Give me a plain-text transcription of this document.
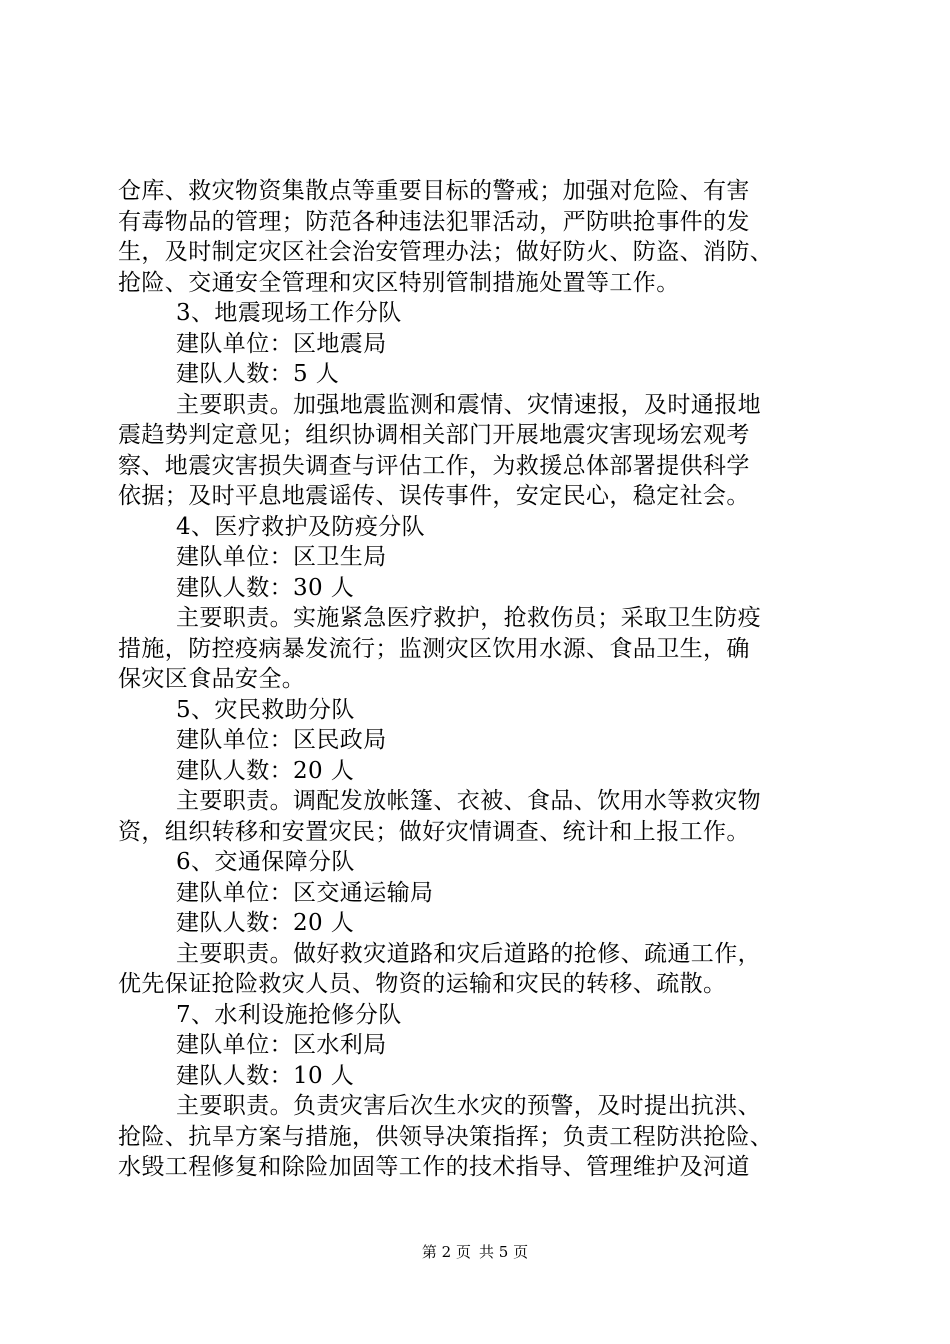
仓库、救灾物资集散点等重要目标的警戒；加强对危险、有害
有毒物品的管理；防范各种违法犯罪活动，严防哄抢事件的发
生，及时制定灾区社会治安管理办法；做好防火、防盗、消防、
抢险、交通安全管理和灾区特别管制措施处置等工作。
3、地震现场工作分队
建队单位：区地震局
建队人数：5 人
主要职责。加强地震监测和震情、灾情速报，及时通报地
震趋势判定意见；组织协调相关部门开展地震灾害现场宏观考
察、地震灾害损失调查与评估工作，为救援总体部署提供科学
依据；及时平息地震谣传、误传事件，安定民心，稳定社会。
4、医疗救护及防疫分队
建队单位：区卫生局
建队人数：30 人
主要职责。实施紧急医疗救护，抢救伤员；采取卫生防疫
措施，防控疫病暴发流行；监测灾区饮用水源、食品卫生，确
保灾区食品安全。
5、灾民救助分队
建队单位：区民政局
建队人数：20 人
主要职责。调配发放帐篷、衣被、食品、饮用水等救灾物
资，组织转移和安置灾民；做好灾情调查、统计和上报工作。
6、交通保障分队
建队单位：区交通运输局
建队人数：20 人
主要职责。做好救灾道路和灾后道路的抢修、疏通工作，
优先保证抢险救灾人员、物资的运输和灾民的转移、疏散。
7、水利设施抢修分队
建队单位：区水利局
建队人数：10 人
主要职责。负责灾害后次生水灾的预警，及时提出抗洪、
抢险、抗旱方案与措施，供领导决策指挥；负责工程防洪抢险、
水毁工程修复和除险加固等工作的技术指导、管理维护及河道
第 2 页 共 5 页
